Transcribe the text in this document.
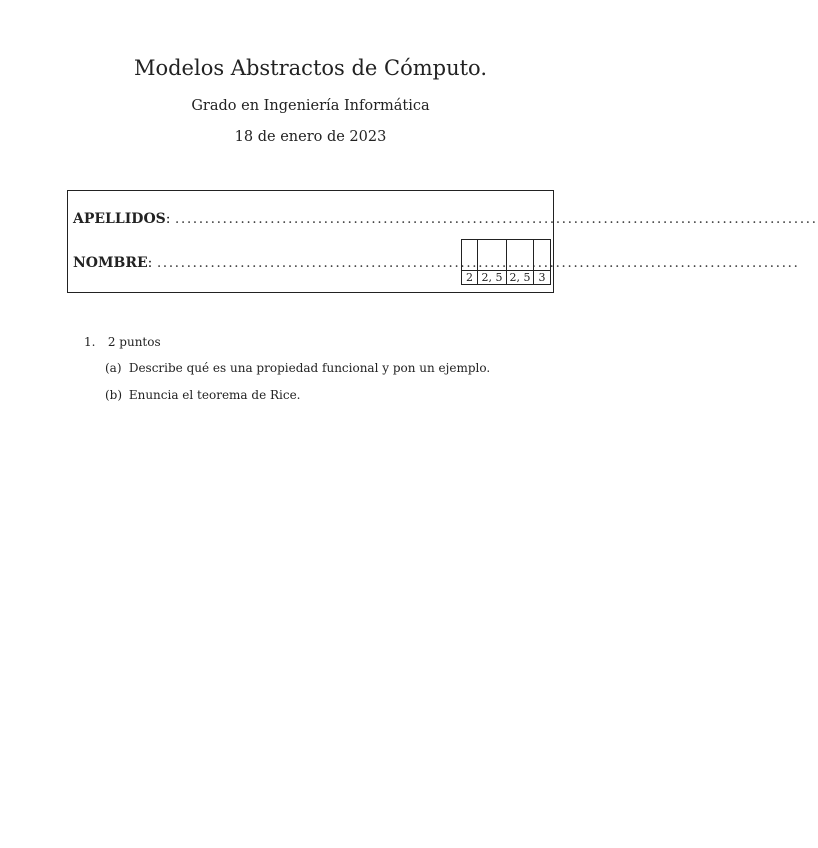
Modelos Abstractos de Cómputo.
Grado en Ingeniería Informática
18 de enero de 2023
APELLIDOS: ............................................................................................................
NOMBRE: ............................................................................................................

2	2, 5	2, 5	3
1. 2 puntos
(a) Describe qué es una propiedad funcional y pon un ejemplo.
(b) Enuncia el teorema de Rice.
